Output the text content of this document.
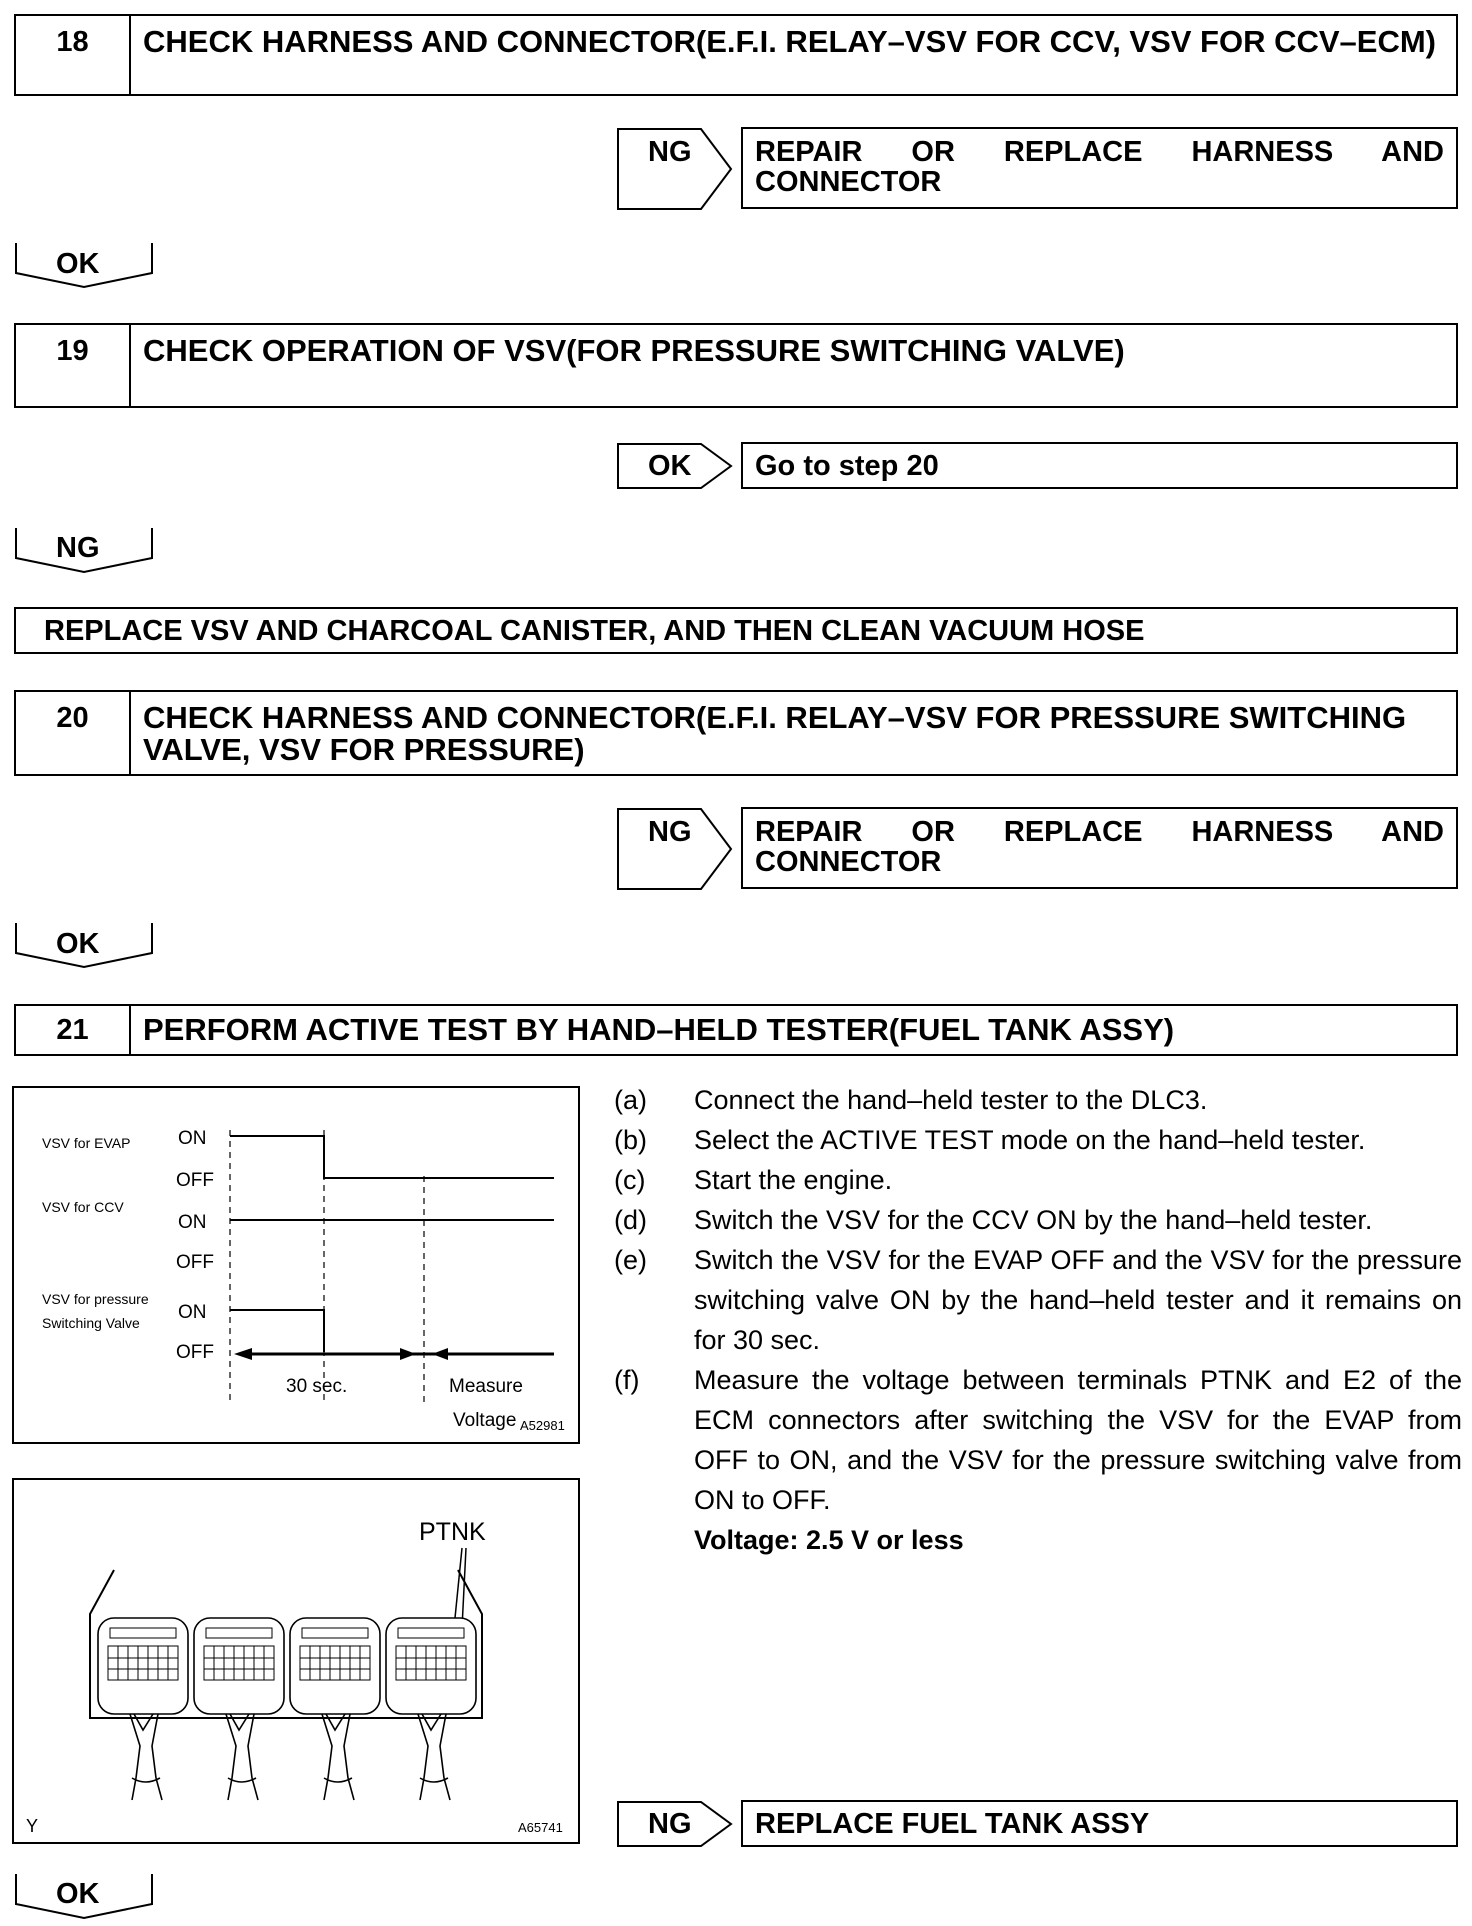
18	CHECK HARNESS AND CONNECTOR(E.F.I. RELAY–VSV FOR CCV, VSV FOR CCV–ECM)
NG REPAIR OR REPLACE HARNESS AND CONNECTOR
OK
19	CHECK OPERATION OF VSV(FOR PRESSURE SWITCHING VALVE)
OK	Go to step 20
NG
REPLACE VSV AND CHARCOAL CANISTER, AND THEN CLEAN VACUUM HOSE
20	CHECK HARNESS AND CONNECTOR(E.F.I. RELAY–VSV FOR PRESSURE SWITCHING VALVE, VSV FOR PRESSURE)
NG REPAIR OR REPLACE HARNESS AND CONNECTOR
OK
21	PERFORM ACTIVE TEST BY HAND–HELD TESTER(FUEL TANK ASSY)
VSV for EVAP
VSV for CCV
VSV for pressure
Switching Valve
ON
OFF
ON
OFF
ON
OFF
30 sec.	Measure
Voltage A52981
PTNK
Y	A65741
(a)	Connect the hand–held tester to the DLC3.
(b)	Select the ACTIVE TEST mode on the hand–held tester.
(c)	Start the engine.
(d)	Switch the VSV for the CCV ON by the hand–held tester.
(e)	Switch the VSV for the EVAP OFF and the VSV for the pressure switching valve ON by the hand–held tester and it remains on for 30 sec.
(f)	Measure the voltage between terminals PTNK and E2 of the ECM connectors after switching the VSV for the EVAP from OFF to ON, and the VSV for the pressure switching valve from ON to OFF.
Voltage: 2.5 V or less
NG	REPLACE FUEL TANK ASSY
OK
